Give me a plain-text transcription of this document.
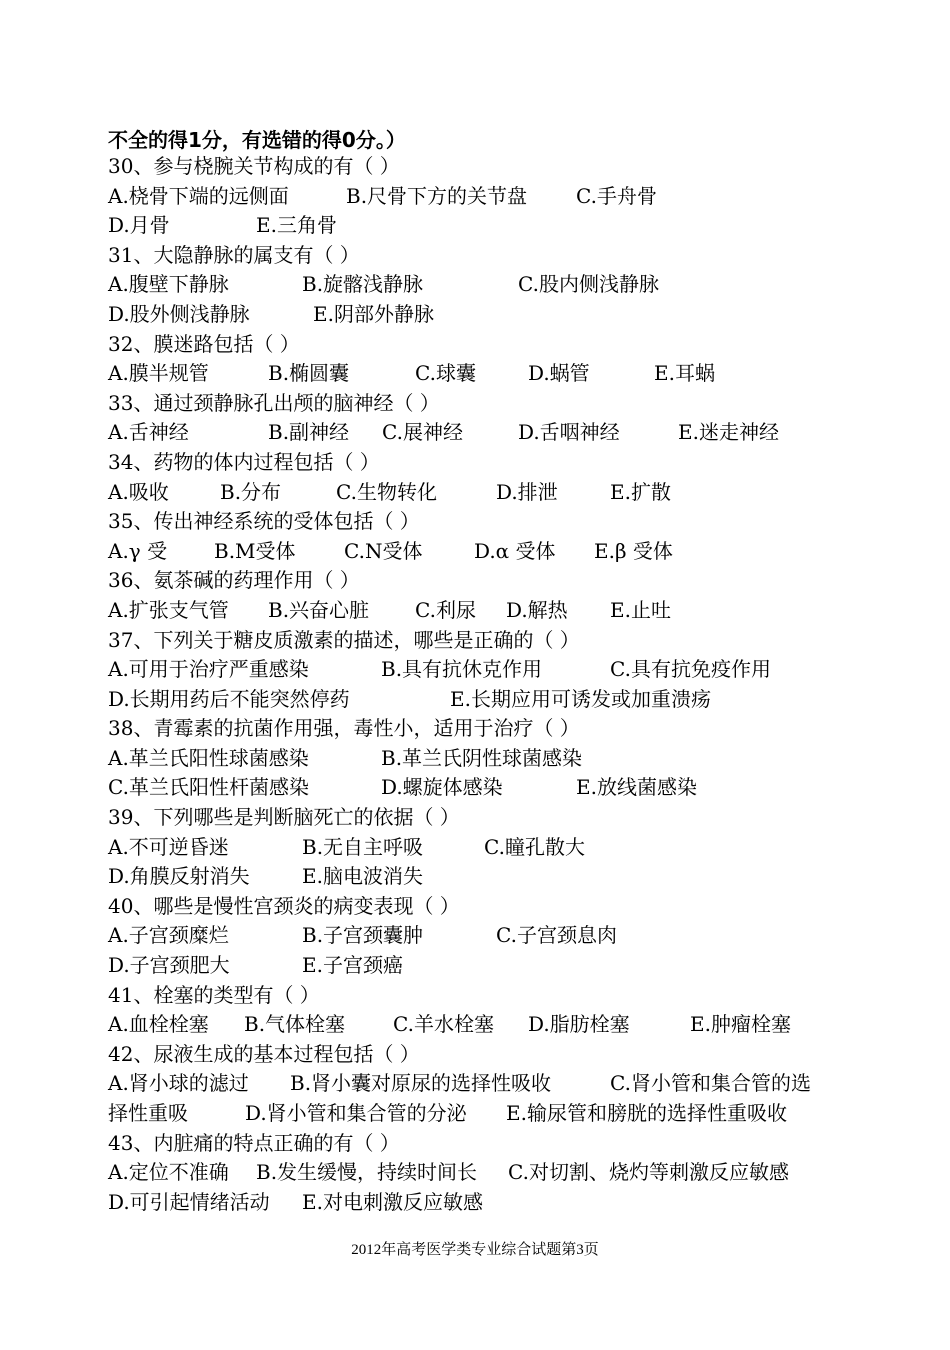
不全的得1分，有选错的得0分。）
30、参与桡腕关节构成的有（ ）
A.桡骨下端的远侧面	B.尺骨下方的关节盘 C.手舟骨
D.月骨	E.三角骨
31、大隐静脉的属支有（ ）
A.腹壁下静脉	B.旋髂浅静脉	C.股内侧浅静脉
D.股外侧浅静脉	E.阴部外静脉
32、膜迷路包括（ ）
A.膜半规管	B.椭圆囊	C.球囊	D.蜗管	E.耳蜗
33、通过颈静脉孔出颅的脑神经（ ）
A.舌神经	B.副神经 C.展神经	D.舌咽神经	E.迷走神经
34、药物的体内过程包括（ ）
A.吸收	B.分布	C.生物转化	D.排泄	E.扩散
35、传出神经系统的受体包括（ ）
A.γ 受 B.M受体 C.N受体	D.α 受体 E.β 受体
36、氨茶碱的药理作用（ ）
A.扩张支气管 B.兴奋心脏 C.利尿 D.解热 E.止吐
37、下列关于糖皮质激素的描述，哪些是正确的（ ）
A.可用于治疗严重感染	B.具有抗休克作用	C.具有抗免疫作用
D.长期用药后不能突然停药	E.长期应用可诱发或加重溃疡
38、青霉素的抗菌作用强，毒性小，适用于治疗（ ）
A.革兰氏阳性球菌感染	B.革兰氏阴性球菌感染
C.革兰氏阳性杆菌感染	D.螺旋体感染	E.放线菌感染
39、下列哪些是判断脑死亡的依据（ ）
A.不可逆昏迷	B.无自主呼吸	C.瞳孔散大
D.角膜反射消失	E.脑电波消失
40、哪些是慢性宫颈炎的病变表现（ ）
A.子宫颈糜烂	B.子宫颈囊肿	C.子宫颈息肉
D.子宫颈肥大	E.子宫颈癌
41、栓塞的类型有（ ）
A.血栓栓塞 B.气体栓塞 C.羊水栓塞 D.脂肪栓塞	E.肿瘤栓塞
42、尿液生成的基本过程包括（ ）
A.肾小球的滤过 B.肾小囊对原尿的选择性吸收	C.肾小管和集合管的选
择性重吸	D.肾小管和集合管的分泌 E.输尿管和膀胱的选择性重吸收
43、内脏痛的特点正确的有（ ）
A.定位不准确 B.发生缓慢，持续时间长 C.对切割、烧灼等刺激反应敏感
D.可引起情绪活动 E.对电刺激反应敏感
2012年高考医学类专业综合试题第3页
